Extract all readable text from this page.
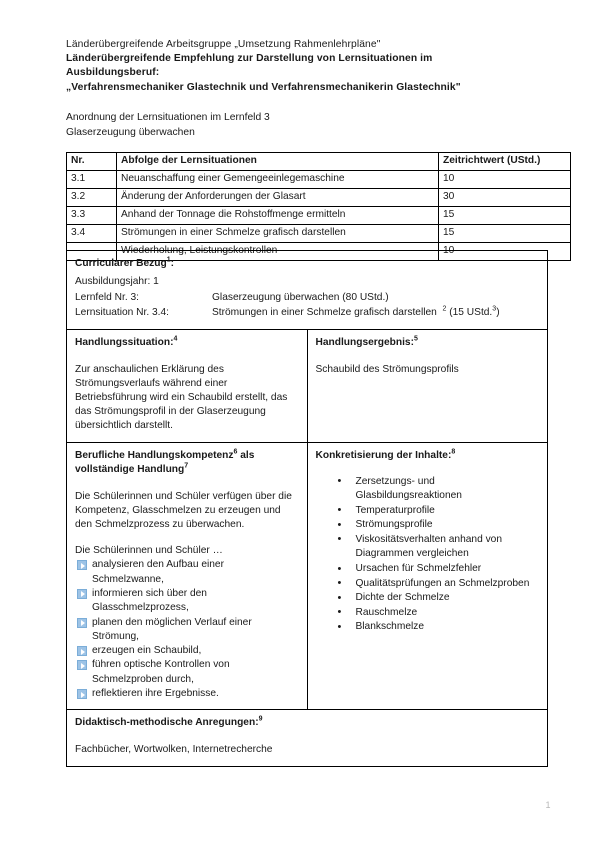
Länderübergreifende Arbeitsgruppe „Umsetzung Rahmenlehrpläne"
Länderübergreifende Empfehlung zur Darstellung von Lernsituationen im
Ausbildungsberuf:
„Verfahrensmechaniker Glastechnik und Verfahrensmechanikerin Glastechnik"
Anordnung der Lernsituationen im Lernfeld 3
Glaserzeugung überwachen
Nr.	Abfolge der Lernsituationen	Zeitrichtwert (UStd.)
3.1	Neuanschaffung einer Gemengeeinlegemaschine	10
3.2	Änderung der Anforderungen der Glasart	30
3.3	Anhand der Tonnage die Rohstoffmenge ermitteln	15
3.4	Strömungen in einer Schmelze grafisch darstellen	15
	Wiederholung, Leistungskontrollen	10
Curricularer Bezug$^1$:
Ausbildungsjahr: 1
Lernfeld Nr. 3:	Glaserzeugung überwachen (80 UStd.)
Lernsituation Nr. 3.4:	Strömungen in einer Schmelze grafisch darstellen $^2$ (15 UStd.$^3$)

Handlungssituation:$^4$
Zur anschaulichen Erklärung des Strömungsverlaufs während einer Betriebsführung wird ein Schaubild erstellt, das das Strömungsprofil in der Glaserzeugung übersichtlich darstellt.

Handlungsergebnis:$^5$
Schaubild des Strömungsprofils

Berufliche Handlungskompetenz$^6$ als vollständige Handlung$^7$
Die Schülerinnen und Schüler verfügen über die Kompetenz, Glasschmelzen zu erzeugen und den Schmelzprozess zu überwachen.
Die Schülerinnen und Schüler …
analysieren den Aufbau einer Schmelzwanne,
informieren sich über den Glasschmelzprozess,
planen den möglichen Verlauf einer Strömung,
erzeugen ein Schaubild,
führen optische Kontrollen von Schmelzproben durch,
reflektieren ihre Ergebnisse.

Konkretisierung der Inhalte:$^8$
• Zersetzungs- und Glasbildungsreaktionen
• Temperaturprofile
• Strömungsprofile
• Viskositätsverhalten anhand von Diagrammen vergleichen
• Ursachen für Schmelzfehler
• Qualitätsprüfungen an Schmelzproben
• Dichte der Schmelze
• Rauschmelze
• Blankschmelze

Didaktisch-methodische Anregungen:$^9$
Fachbücher, Wortwolken, Internetrecherche	
1
